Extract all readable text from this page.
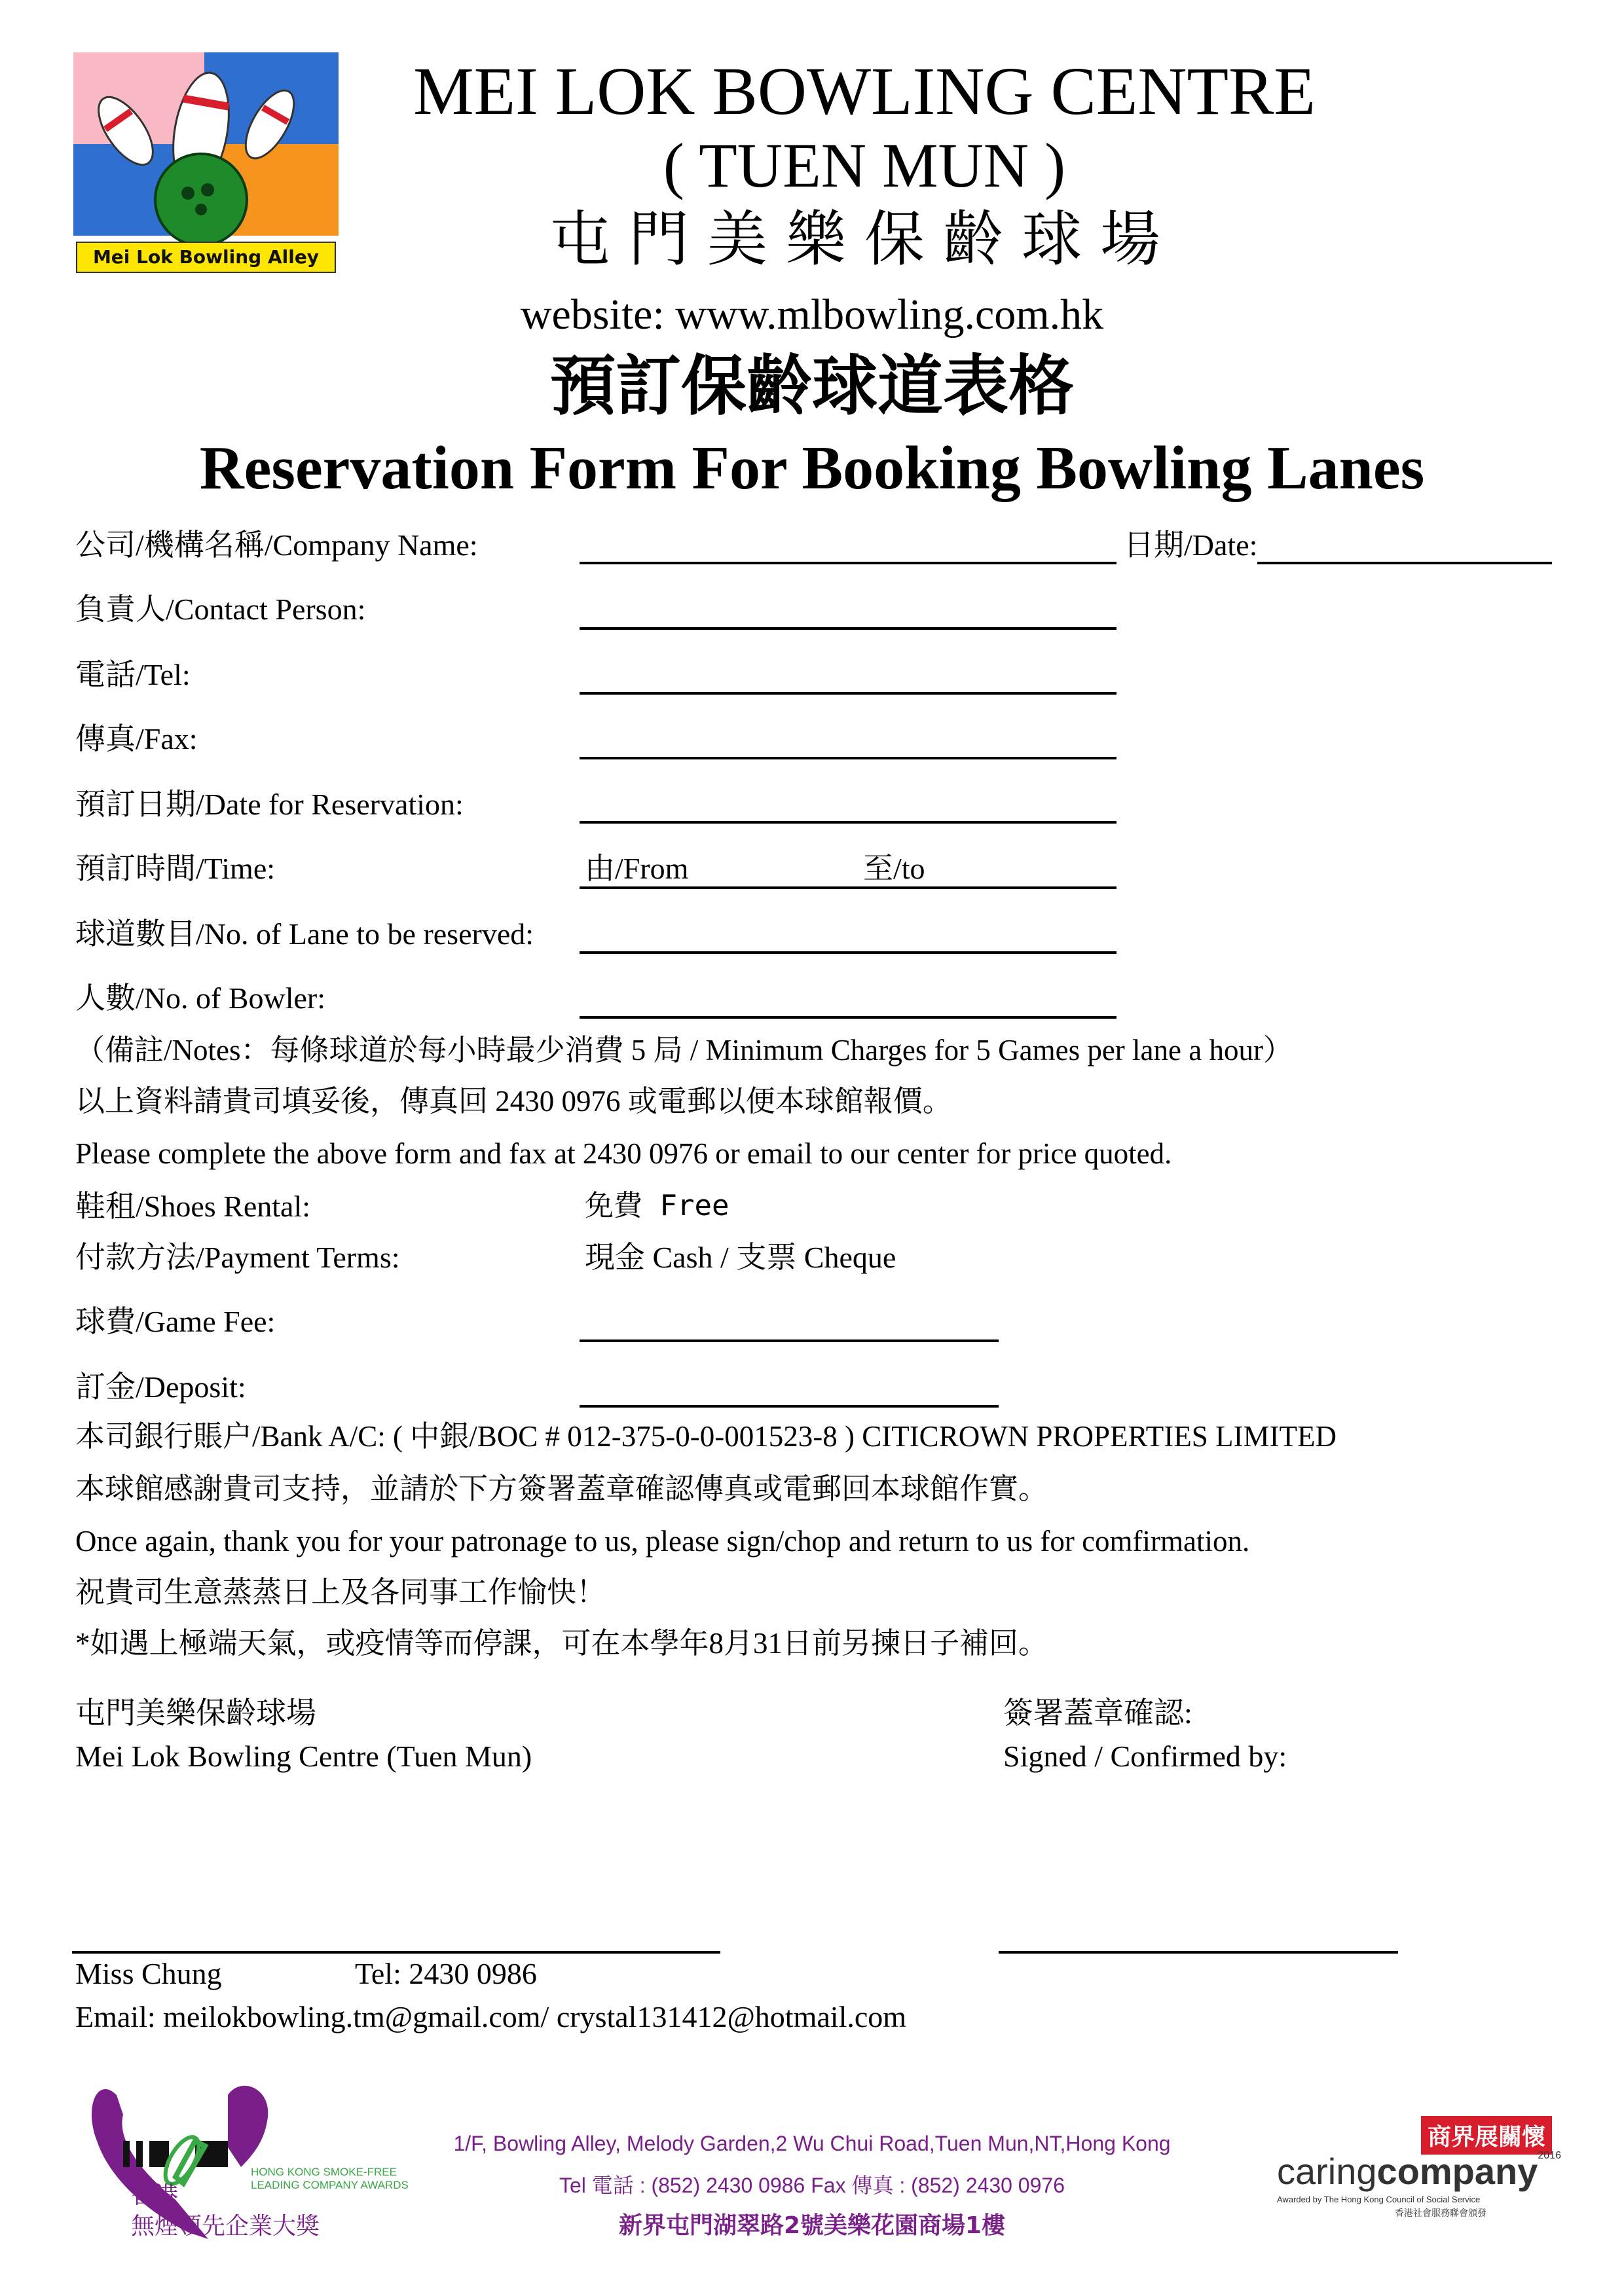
Mei Lok Bowling Alley
MEI LOK BOWLING CENTRE
( TUEN MUN )
屯門美樂保齡球場
website: www.mlbowling.com.hk
預訂保齡球道表格
Reservation Form For Booking Bowling Lanes
公司/機構名稱/Company Name:	日期/Date:
負責人/Contact Person:
電話/Tel:
傳真/Fax:
預訂日期/Date for Reservation:
預訂時間/Time:	由/From	至/to
球道數目/No. of Lane to be reserved:
人數/No. of Bowler:
（備註/Notes：每條球道於每小時最少消費 5 局 / Minimum Charges for 5 Games per lane a hour）
以上資料請貴司填妥後，傳真回 2430 0976 或電郵以便本球館報價。
Please complete the above form and fax at 2430 0976 or email to our center for price quoted.
鞋租/Shoes Rental:	免費 Free
付款方法/Payment Terms:	現金 Cash / 支票 Cheque
球費/Game Fee:
訂金/Deposit:
本司銀行賬户/Bank A/C: ( 中銀/BOC # 012-375-0-0-001523-8 ) CITICROWN PROPERTIES LIMITED
本球館感謝貴司支持，並請於下方簽署蓋章確認傳真或電郵回本球館作實。
Once again, thank you for your patronage to us, please sign/chop and return to us for comfirmation.
祝貴司生意蒸蒸日上及各同事工作愉快！
*如遇上極端天氣，或疫情等而停課，可在本學年8月31日前另揀日子補回。
屯門美樂保齡球場
Mei Lok Bowling Centre (Tuen Mun)
簽署蓋章確認:
Signed / Confirmed by:
Miss Chung	Tel: 2430 0986
Email: meilokbowling.tm@gmail.com/ crystal131412@hotmail.com
HONG KONG SMOKE-FREE
LEADING COMPANY AWARDS
香港
無煙領先企業大獎
1/F, Bowling Alley, Melody Garden,2 Wu Chui Road,Tuen Mun,NT,Hong Kong
Tel 電話 : (852) 2430 0986 Fax 傳真 : (852) 2430 0976
新界屯門湖翠路2號美樂花園商場1樓
商界展關懷
caringcompany$^{2016}$
Awarded by The Hong Kong Council of Social Service
香港社會服務聯會頒發
